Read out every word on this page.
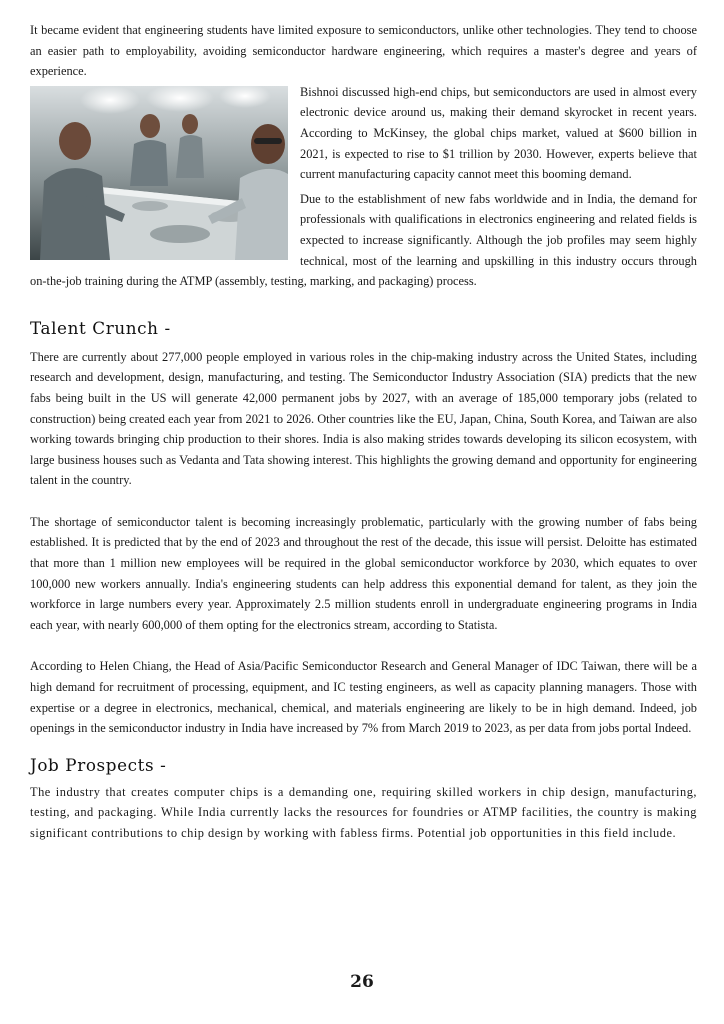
It became evident that engineering students have limited exposure to semiconductors, unlike other technologies. They tend to choose an easier path to employability, avoiding semiconductor hardware engineering, which requires a master's degree and years of experience.

Bishnoi discussed high-end chips, but semiconductors are used in almost every electronic device around us, making their demand skyrocket in recent years. According to McKinsey, the global chips market, valued at $600 billion in 2021, is expected to rise to $1 trillion by 2030. However, experts believe that current manufacturing capacity cannot meet this booming demand.

Due to the establishment of new fabs worldwide and in India, the demand for professionals with qualifications in electronics engineering and related fields is expected to increase significantly. Although the job profiles may seem highly technical, most of the learning and upskilling in this industry occurs through on-the-job training during the ATMP (assembly, testing, marking, and packaging) process.

Talent Crunch -

There are currently about 277,000 people employed in various roles in the chip-making industry across the United States, including research and development, design, manufacturing, and testing. The Semiconductor Industry Association (SIA) predicts that the new fabs being built in the US will generate 42,000 permanent jobs by 2027, with an average of 185,000 temporary jobs (related to construction) being created each year from 2021 to 2026. Other countries like the EU, Japan, China, South Korea, and Taiwan are also working towards bringing chip production to their shores. India is also making strides towards developing its silicon ecosystem, with large business houses such as Vedanta and Tata showing interest. This highlights the growing demand and opportunity for engineering talent in the country.

The shortage of semiconductor talent is becoming increasingly problematic, particularly with the growing number of fabs being established. It is predicted that by the end of 2023 and throughout the rest of the decade, this issue will persist. Deloitte has estimated that more than 1 million new employees will be required in the global semiconductor workforce by 2030, which equates to over 100,000 new workers annually. India's engineering students can help address this exponential demand for talent, as they join the workforce in large numbers every year. Approximately 2.5 million students enroll in undergraduate engineering programs in India each year, with nearly 600,000 of them opting for the electronics stream, according to Statista.

According to Helen Chiang, the Head of Asia/Pacific Semiconductor Research and General Manager of IDC Taiwan, there will be a high demand for recruitment of processing, equipment, and IC testing engineers, as well as capacity planning managers. Those with expertise or a degree in electronics, mechanical, chemical, and materials engineering are likely to be in high demand. Indeed, job openings in the semiconductor industry in India have increased by 7% from March 2019 to 2023, as per data from jobs portal Indeed.

Job Prospects -

The industry that creates computer chips is a demanding one, requiring skilled workers in chip design, manufacturing, testing, and packaging. While India currently lacks the resources for foundries or ATMP facilities, the country is making significant contributions to chip design by working with fabless firms. Potential job opportunities in this field include.

26
